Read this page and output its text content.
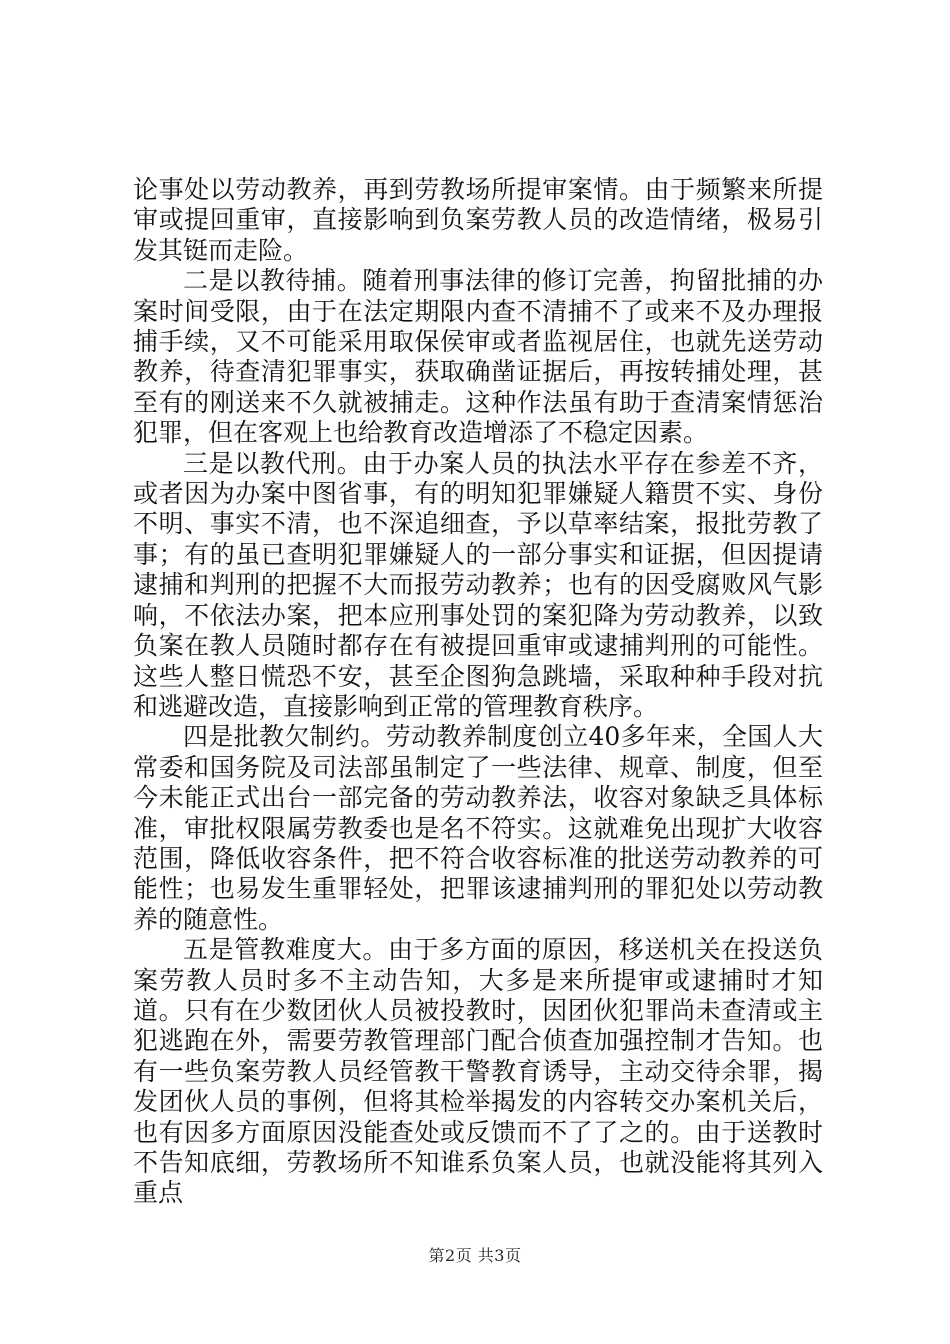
论事处以劳动教养，再到劳教场所提审案情。由于频繁来所提审或提回重审，直接影响到负案劳教人员的改造情绪，极易引发其铤而走险。

二是以教待捕。随着刑事法律的修订完善，拘留批捕的办案时间受限，由于在法定期限内查不清捕不了或来不及办理报捕手续，又不可能采用取保侯审或者监视居住，也就先送劳动教养，待查清犯罪事实，获取确凿证据后，再按转捕处理，甚至有的刚送来不久就被捕走。这种作法虽有助于查清案情惩治犯罪，但在客观上也给教育改造增添了不稳定因素。

三是以教代刑。由于办案人员的执法水平存在参差不齐，或者因为办案中图省事，有的明知犯罪嫌疑人籍贯不实、身份不明、事实不清，也不深追细查，予以草率结案，报批劳教了事；有的虽已查明犯罪嫌疑人的一部分事实和证据，但因提请逮捕和判刑的把握不大而报劳动教养；也有的因受腐败风气影响，不依法办案，把本应刑事处罚的案犯降为劳动教养，以致负案在教人员随时都存在有被提回重审或逮捕判刑的可能性。这些人整日慌恐不安，甚至企图狗急跳墙，采取种种手段对抗和逃避改造，直接影响到正常的管理教育秩序。

四是批教欠制约。劳动教养制度创立40多年来，全国人大常委和国务院及司法部虽制定了一些法律、规章、制度，但至今未能正式出台一部完备的劳动教养法，收容对象缺乏具体标准，审批权限属劳教委也是名不符实。这就难免出现扩大收容范围，降低收容条件，把不符合收容标准的批送劳动教养的可能性；也易发生重罪轻处，把罪该逮捕判刑的罪犯处以劳动教养的随意性。

五是管教难度大。由于多方面的原因，移送机关在投送负案劳教人员时多不主动告知，大多是来所提审或逮捕时才知道。只有在少数团伙人员被投教时，因团伙犯罪尚未查清或主犯逃跑在外，需要劳教管理部门配合侦查加强控制才告知。也有一些负案劳教人员经管教干警教育诱导，主动交待余罪，揭发团伙人员的事例，但将其检举揭发的内容转交办案机关后，也有因多方面原因没能查处或反馈而不了了之的。由于送教时不告知底细，劳教场所不知谁系负案人员，也就没能将其列入重点

第2页 共3页
